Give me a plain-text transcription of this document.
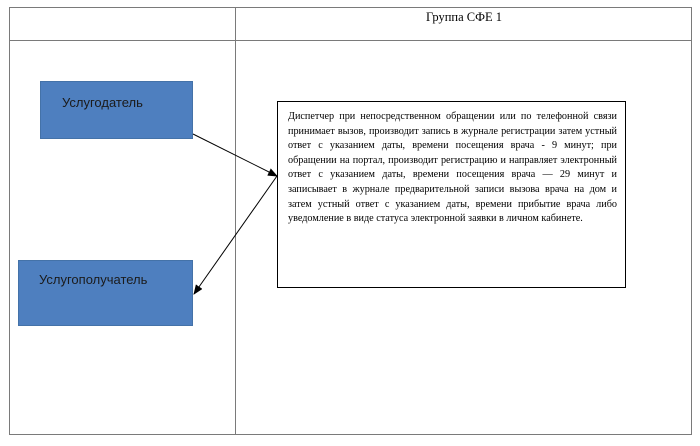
Группа СФЕ 1
Услугодатель
Услугополучатель

Диспетчер при непосредственном обращении или по телефонной связи принимает вызов, производит запись в журнале регистрации затем устный ответ с указанием даты, времени посещения врача - 9 минут; при обращении на портал, производит регистрацию и направляет электронный ответ с указанием даты, времени посещения врача — 29 минут и записывает в журнале предварительной записи вызова врача на дом и затем устный ответ с указанием даты, времени прибытие врача либо уведомление в виде статуса электронной заявки в личном кабинете.
